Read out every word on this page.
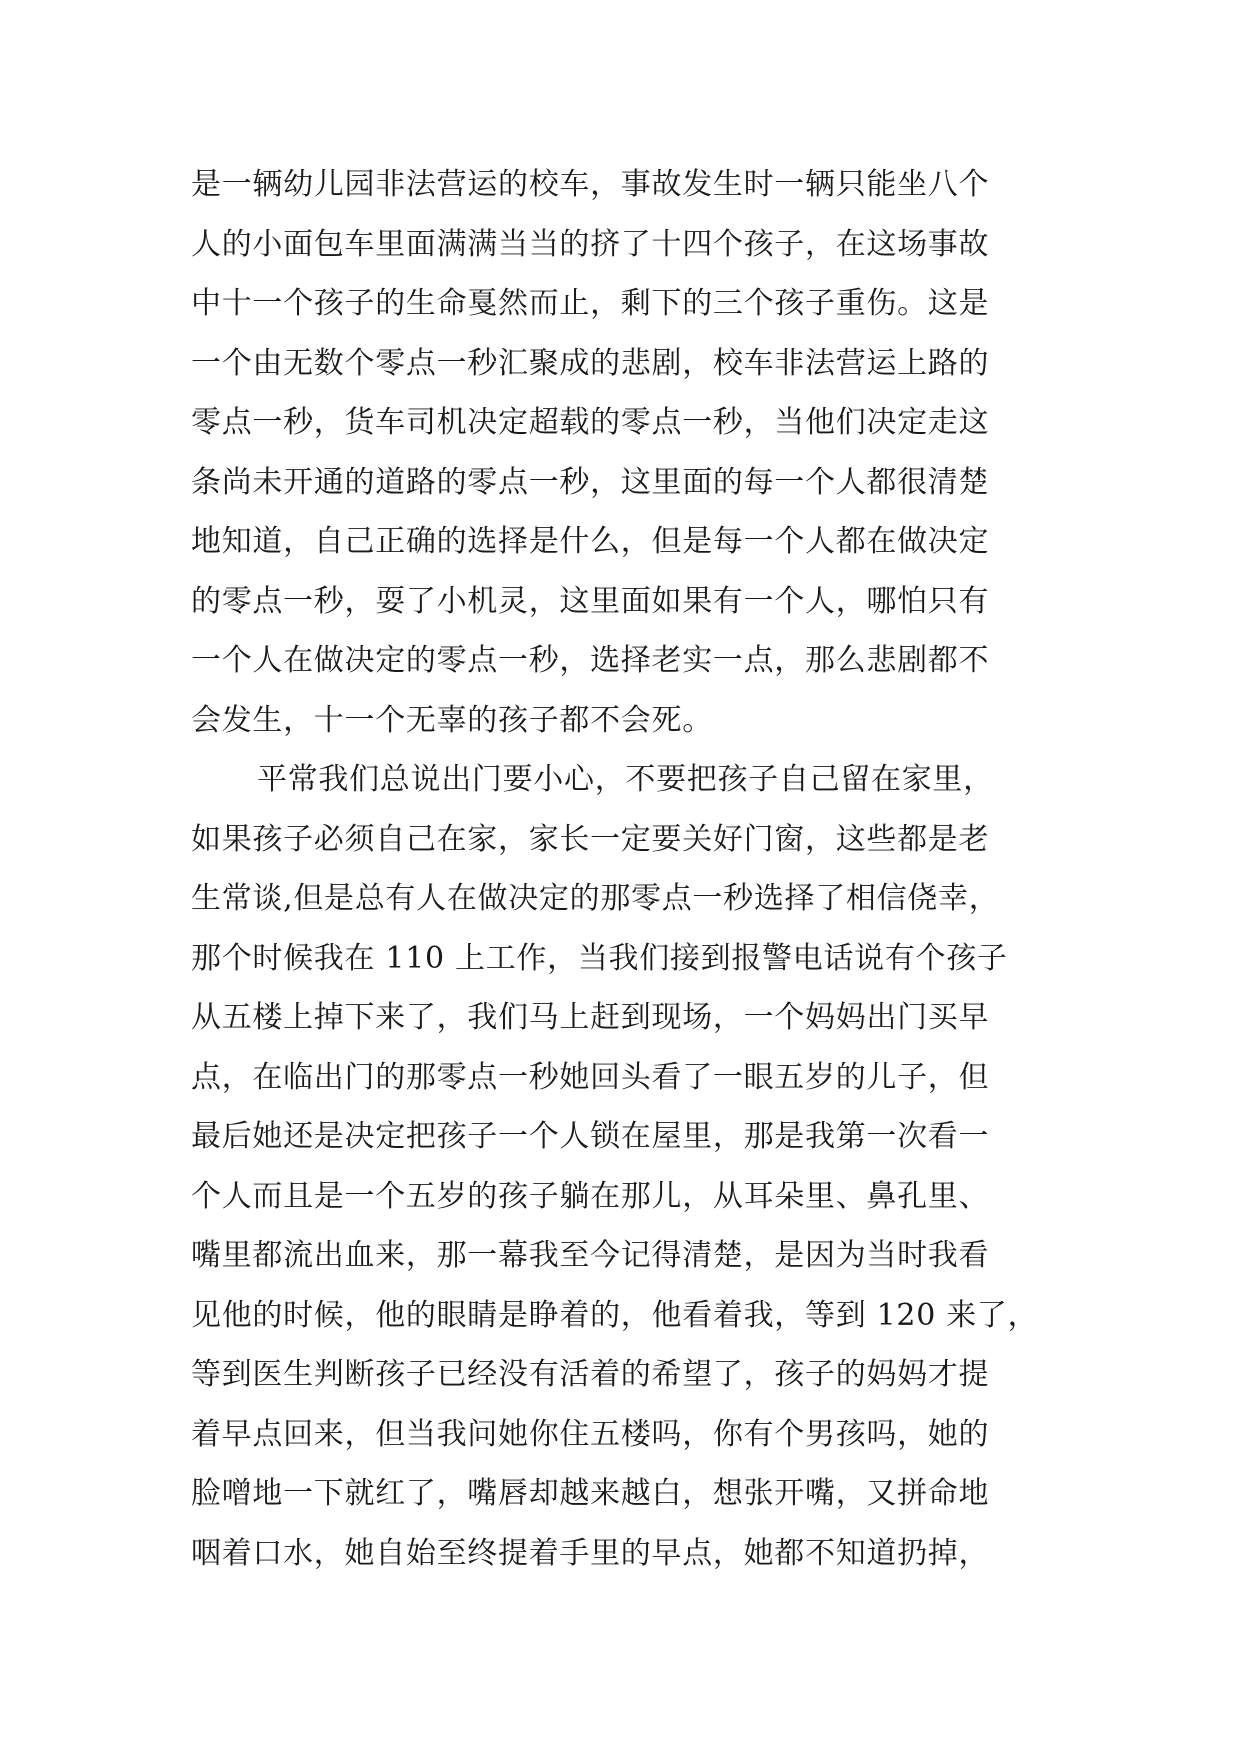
是一辆幼儿园非法营运的校车，事故发生时一辆只能坐八个
人的小面包车里面满满当当的挤了十四个孩子，在这场事故
中十一个孩子的生命戛然而止，剩下的三个孩子重伤。这是
一个由无数个零点一秒汇聚成的悲剧，校车非法营运上路的
零点一秒，货车司机决定超载的零点一秒，当他们决定走这
条尚未开通的道路的零点一秒，这里面的每一个人都很清楚
地知道，自己正确的选择是什么，但是每一个人都在做决定
的零点一秒，耍了小机灵，这里面如果有一个人，哪怕只有
一个人在做决定的零点一秒，选择老实一点，那么悲剧都不
会发生，十一个无辜的孩子都不会死。
平常我们总说出门要小心，不要把孩子自己留在家里，
如果孩子必须自己在家，家长一定要关好门窗，这些都是老
生常谈,但是总有人在做决定的那零点一秒选择了相信侥幸，
那个时候我在 110 上工作，当我们接到报警电话说有个孩子
从五楼上掉下来了，我们马上赶到现场，一个妈妈出门买早
点，在临出门的那零点一秒她回头看了一眼五岁的儿子，但
最后她还是决定把孩子一个人锁在屋里，那是我第一次看一
个人而且是一个五岁的孩子躺在那儿，从耳朵里、鼻孔里、
嘴里都流出血来，那一幕我至今记得清楚，是因为当时我看
见他的时候，他的眼睛是睁着的，他看着我，等到 120 来了，
等到医生判断孩子已经没有活着的希望了，孩子的妈妈才提
着早点回来，但当我问她你住五楼吗，你有个男孩吗，她的
脸噌地一下就红了，嘴唇却越来越白，想张开嘴，又拼命地
咽着口水，她自始至终提着手里的早点，她都不知道扔掉，
